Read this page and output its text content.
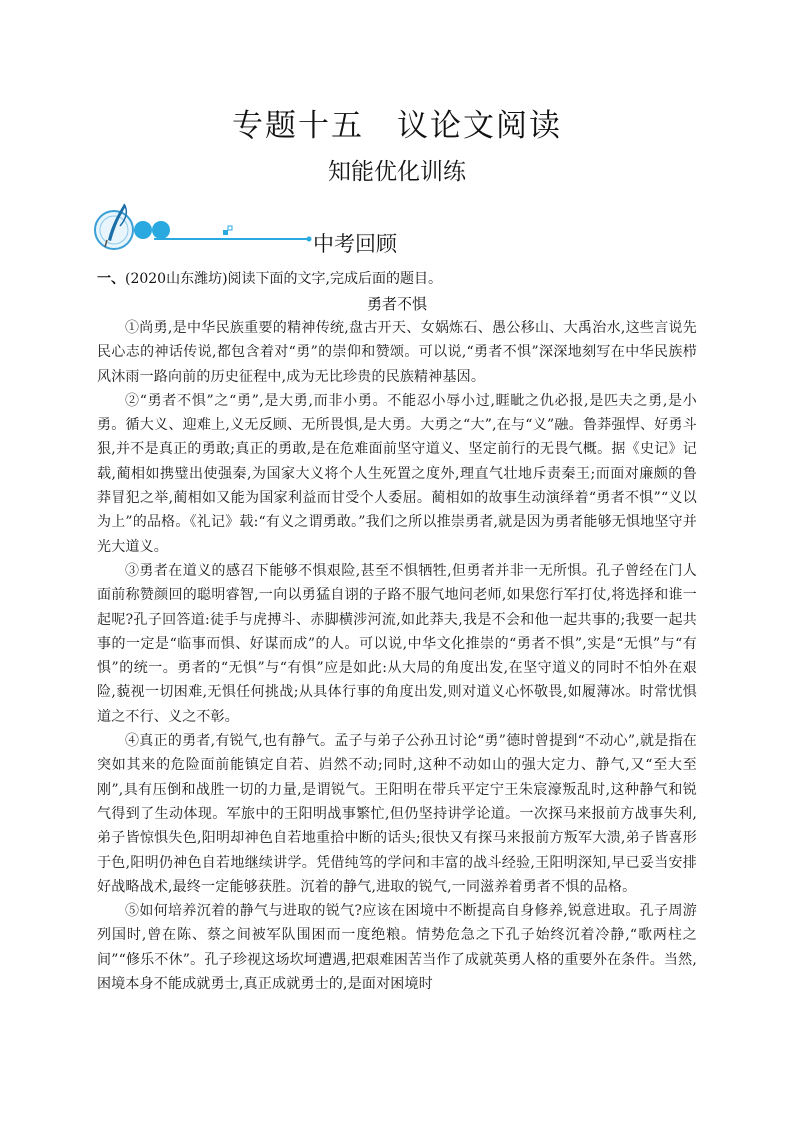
专题十五　议论文阅读
知能优化训练
中考回顾
一、(2020山东潍坊)阅读下面的文字,完成后面的题目。
勇者不惧

①尚勇,是中华民族重要的精神传统,盘古开天、女娲炼石、愚公移山、大禹治水,这些言说先民心志的神话传说,都包含着对“勇”的崇仰和赞颂。可以说,“勇者不惧”深深地刻写在中华民族栉风沐雨一路向前的历史征程中,成为无比珍贵的民族精神基因。

②“勇者不惧”之“勇”,是大勇,而非小勇。不能忍小辱小过,睚眦之仇必报,是匹夫之勇,是小勇。循大义、迎难上,义无反顾、无所畏惧,是大勇。大勇之“大”,在与“义”融。鲁莽强悍、好勇斗狠,并不是真正的勇敢;真正的勇敢,是在危难面前坚守道义、坚定前行的无畏气概。据《史记》记载,蔺相如携璧出使强秦,为国家大义将个人生死置之度外,理直气壮地斥责秦王;而面对廉颇的鲁莽冒犯之举,蔺相如又能为国家利益而甘受个人委屈。蔺相如的故事生动演绎着“勇者不惧”“义以为上”的品格。《礼记》载:“有义之谓勇敢。”我们之所以推崇勇者,就是因为勇者能够无惧地坚守并光大道义。

③勇者在道义的感召下能够不惧艰险,甚至不惧牺牲,但勇者并非一无所惧。孔子曾经在门人面前称赞颜回的聪明睿智,一向以勇猛自诩的子路不服气地问老师,如果您行军打仗,将选择和谁一起呢?孔子回答道:徒手与虎搏斗、赤脚横涉河流,如此莽夫,我是不会和他一起共事的;我要一起共事的一定是“临事而惧、好谋而成”的人。可以说,中华文化推崇的“勇者不惧”,实是“无惧”与“有惧”的统一。勇者的“无惧”与“有惧”应是如此:从大局的角度出发,在坚守道义的同时不怕外在艰险,藐视一切困难,无惧任何挑战;从具体行事的角度出发,则对道义心怀敬畏,如履薄冰。时常忧惧道之不行、义之不彰。

④真正的勇者,有锐气,也有静气。孟子与弟子公孙丑讨论“勇”德时曾提到“不动心”,就是指在突如其来的危险面前能镇定自若、岿然不动;同时,这种不动如山的强大定力、静气,又“至大至刚”,具有压倒和战胜一切的力量,是谓锐气。王阳明在带兵平定宁王朱宸濠叛乱时,这种静气和锐气得到了生动体现。军旅中的王阳明战事繁忙,但仍坚持讲学论道。一次探马来报前方战事失利,弟子皆惊惧失色,阳明却神色自若地重拾中断的话头;很快又有探马来报前方叛军大溃,弟子皆喜形于色,阳明仍神色自若地继续讲学。凭借纯笃的学问和丰富的战斗经验,王阳明深知,早已妥当安排好战略战术,最终一定能够获胜。沉着的静气,进取的锐气,一同滋养着勇者不惧的品格。

⑤如何培养沉着的静气与进取的锐气?应该在困境中不断提高自身修养,锐意进取。孔子周游列国时,曾在陈、蔡之间被军队围困而一度绝粮。情势危急之下孔子始终沉着冷静,“歌两柱之间”“修乐不休”。孔子珍视这场坎坷遭遇,把艰难困苦当作了成就英勇人格的重要外在条件。当然,困境本身不能成就勇士,真正成就勇士的,是面对困境时
